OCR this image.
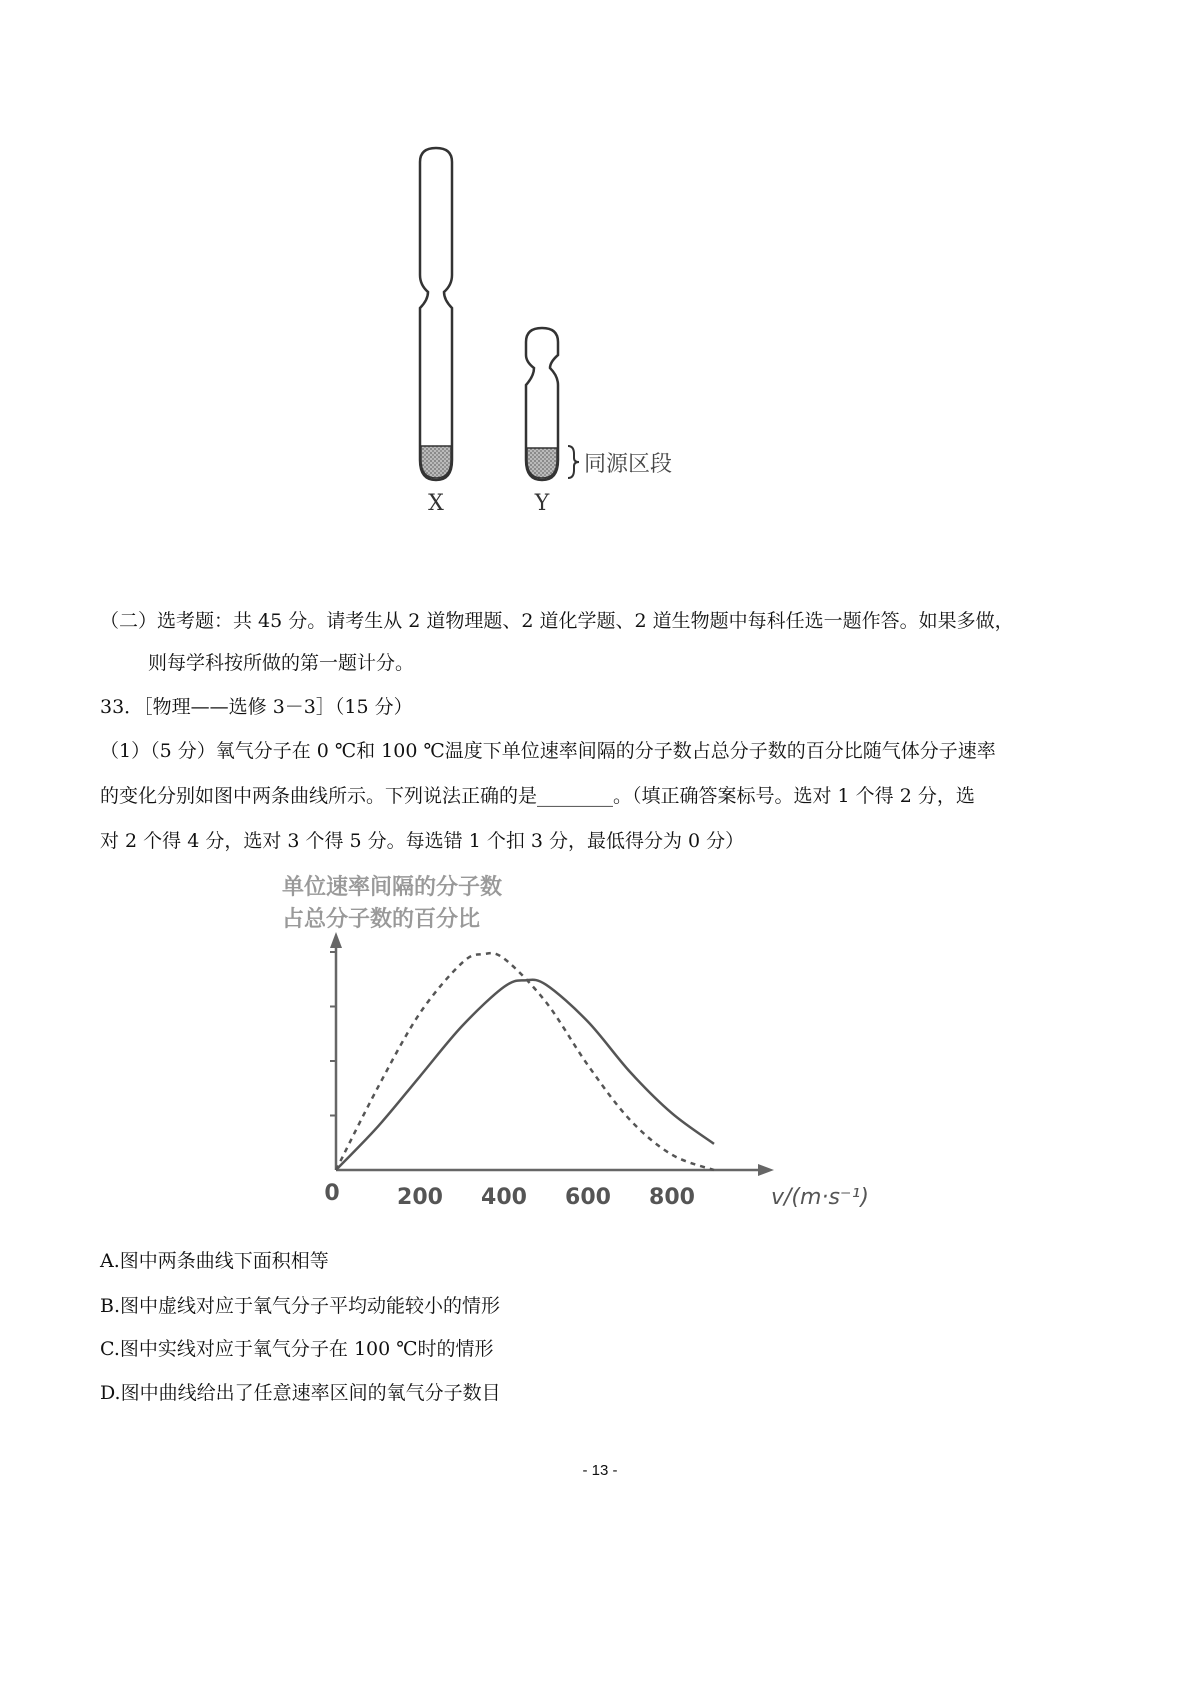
同源区段
X	Y
（二）选考题：共 45 分。请考生从 2 道物理题、2 道化学题、2 道生物题中每科任选一题作答。如果多做，
则每学科按所做的第一题计分。
33．［物理——选修 3－3］（15 分）
（1）（5 分）氧气分子在 0 ℃和 100 ℃温度下单位速率间隔的分子数占总分子数的百分比随气体分子速率
的变化分别如图中两条曲线所示。下列说法正确的是________。（填正确答案标号。选对 1 个得 2 分，选
对 2 个得 4 分，选对 3 个得 5 分。每选错 1 个扣 3 分，最低得分为 0 分）
单位速率间隔的分子数
占总分子数的百分比
0	200 400 600 800	v/(m·s⁻¹)
A.图中两条曲线下面积相等
B.图中虚线对应于氧气分子平均动能较小的情形
C.图中实线对应于氧气分子在 100 ℃时的情形
D.图中曲线给出了任意速率区间的氧气分子数目
- 13 -
